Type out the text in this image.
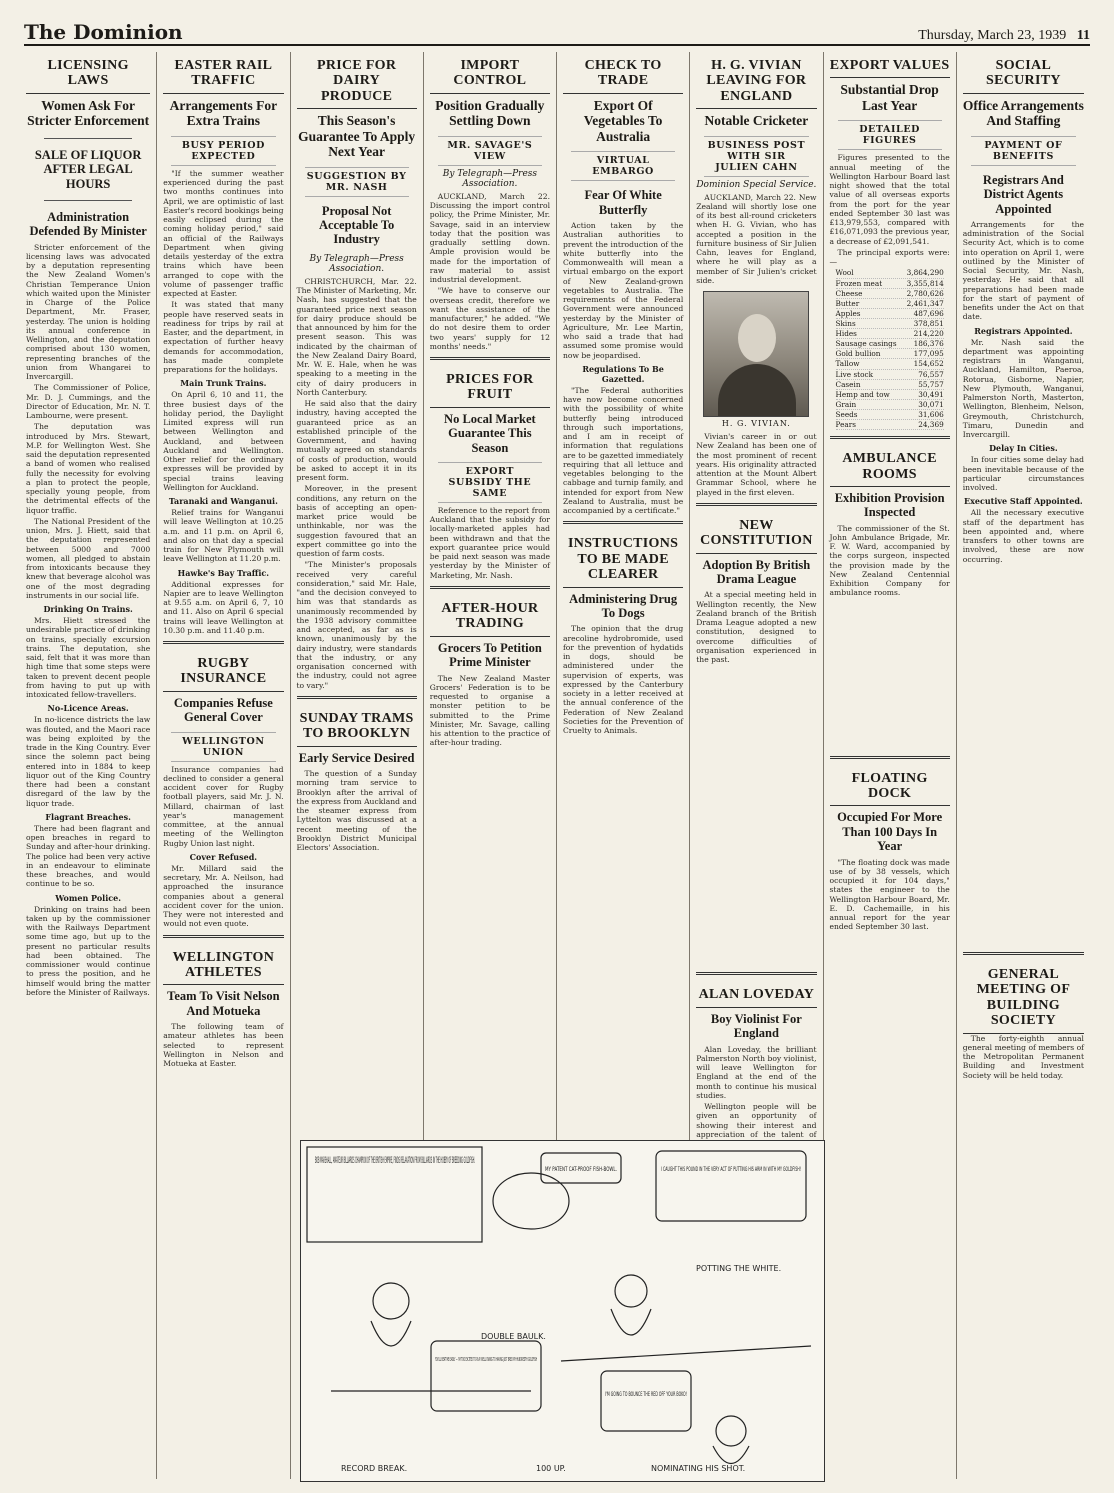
The Dominion	Thursday, March 23, 1939 11
LICENSING LAWS
Women Ask For Stricter Enforcement
SALE OF LIQUOR AFTER LEGAL HOURS
Administration Defended By Minister

Stricter enforcement of the licensing laws was advocated by a deputation representing the New Zealand Women's Christian Temperance Union which waited upon the Minister in Charge of the Police Department, Mr. Fraser, yesterday. The union is holding its annual conference in Wellington, and the deputation comprised about 130 women, representing branches of the union from Whangarei to Invercargill.

The Commissioner of Police, Mr. D. J. Cummings, and the Director of Education, Mr. N. T. Lambourne, were present.

The deputation was introduced by Mrs. Stewart, M.P. for Wellington West. She said the deputation represented a band of women who realised fully the necessity for evolving a plan to protect the people, specially young people, from the detrimental effects of the liquor traffic.

The National President of the union, Mrs. J. Hiett, said that the deputation represented between 5000 and 7000 women, all pledged to abstain from intoxicants because they knew that beverage alcohol was one of the most degrading instruments in our social life.

Drinking On Trains.

Mrs. Hiett stressed the undesirable practice of drinking on trains, specially excursion trains. The deputation, she said, felt that it was more than high time that some steps were taken to prevent decent people from having to put up with intoxicated fellow-travellers.

No-Licence Areas.

In no-licence districts the law was flouted, and the Maori race was being exploited by the trade in the King Country. Ever since the solemn pact being entered into in 1884 to keep liquor out of the King Country there had been a constant disregard of the law by the liquor trade.

Flagrant Breaches.

There had been flagrant and open breaches in regard to Sunday and after-hour drinking. The police had been very active in an endeavour to eliminate these breaches, and would continue to be so.

Women Police.

Drinking on trains had been taken up by the commissioner with the Railways Department some time ago, but up to the present no particular results had been obtained. The commissioner would continue to press the position, and he himself would bring the matter before the Minister of Railways.

EASTER RAIL TRAFFIC
Arrangements For Extra Trains
BUSY PERIOD EXPECTED

"If the summer weather experienced during the past two months continues into April, we are optimistic of last Easter's record bookings being easily eclipsed during the coming holiday period," said an official of the Railways Department when giving details yesterday of the extra trains which have been arranged to cope with the volume of passenger traffic expected at Easter.

It was stated that many people have reserved seats in readiness for trips by rail at Easter, and the department, in expectation of further heavy demands for accommodation, has made complete preparations for the holidays.

Main Trunk Trains.

On April 6, 10 and 11, the three busiest days of the holiday period, the Daylight Limited express will run between Wellington and Auckland, and between Auckland and Wellington. Other relief for the ordinary expresses will be provided by special trains leaving Wellington for Auckland.

Taranaki and Wanganui.

Relief trains for Wanganui will leave Wellington at 10.25 a.m. and 11 p.m. on April 6, and also on that day a special train for New Plymouth will leave Wellington at 11.20 p.m.

Hawke's Bay Traffic.

Additional expresses for Napier are to leave Wellington at 9.55 a.m. on April 6, 7, 10 and 11. Also on April 6 special trains will leave Wellington at 10.30 p.m. and 11.40 p.m.

RUGBY INSURANCE
Companies Refuse General Cover
WELLINGTON UNION

Insurance companies had declined to consider a general accident cover for Rugby football players, said Mr. J. N. Millard, chairman of last year's management committee, at the annual meeting of the Wellington Rugby Union last night.

Cover Refused.

Mr. Millard said the secretary, Mr. A. Neilson, had approached the insurance companies about a general accident cover for the union. They were not interested and would not even quote.

WELLINGTON ATHLETES
Team To Visit Nelson And Motueka

The following team of amateur athletes has been selected to represent Wellington in Nelson and Motueka at Easter.

PRICE FOR DAIRY PRODUCE
This Season's Guarantee To Apply Next Year
SUGGESTION BY MR. NASH
Proposal Not Acceptable To Industry
By Telegraph—Press Association.

CHRISTCHURCH, Mar. 22. The Minister of Marketing, Mr. Nash, has suggested that the guaranteed price next season for dairy produce should be that announced by him for the present season. This was indicated by the chairman of the New Zealand Dairy Board, Mr. W. E. Hale, when he was speaking to a meeting in the city of dairy producers in North Canterbury.

He said also that the dairy industry, having accepted the guaranteed price as an established principle of the Government, and having mutually agreed on standards of costs of production, would be asked to accept it in its present form.

Moreover, in the present conditions, any return on the basis of accepting an open-market price would be unthinkable, nor was the suggestion favoured that an expert committee go into the question of farm costs.

"The Minister's proposals received very careful consideration," said Mr. Hale, "and the decision conveyed to him was that standards as unanimously recommended by the 1938 advisory committee and accepted, as far as is known, unanimously by the dairy industry, were standards that the industry, or any organisation concerned with the industry, could not agree to vary."

SUNDAY TRAMS TO BROOKLYN
Early Service Desired

The question of a Sunday morning tram service to Brooklyn after the arrival of the express from Auckland and the steamer express from Lyttelton was discussed at a recent meeting of the Brooklyn District Municipal Electors' Association.

IMPORT CONTROL
Position Gradually Settling Down
MR. SAVAGE'S VIEW
By Telegraph—Press Association.

AUCKLAND, March 22. Discussing the import control policy, the Prime Minister, Mr. Savage, said in an interview today that the position was gradually settling down. Ample provision would be made for the importation of raw material to assist industrial development.

"We have to conserve our overseas credit, therefore we want the assistance of the manufacturer," he added. "We do not desire them to order two years' supply for 12 months' needs."

PRICES FOR FRUIT
No Local Market Guarantee This Season
EXPORT SUBSIDY THE SAME

Reference to the report from Auckland that the subsidy for locally-marketed apples had been withdrawn and that the export guarantee price would be paid next season was made yesterday by the Minister of Marketing, Mr. Nash.

AFTER-HOUR TRADING
Grocers To Petition Prime Minister

The New Zealand Master Grocers' Federation is to be requested to organise a monster petition to be submitted to the Prime Minister, Mr. Savage, calling his attention to the practice of after-hour trading.

CHECK TO TRADE
Export Of Vegetables To Australia
VIRTUAL EMBARGO
Fear Of White Butterfly

Action taken by the Australian authorities to prevent the introduction of the white butterfly into the Commonwealth will mean a virtual embargo on the export of New Zealand-grown vegetables to Australia. The requirements of the Federal Government were announced yesterday by the Minister of Agriculture, Mr. Lee Martin, who said a trade that had assumed some promise would now be jeopardised.

Regulations To Be Gazetted.

"The Federal authorities have now become concerned with the possibility of white butterfly being introduced through such importations, and I am in receipt of information that regulations are to be gazetted immediately requiring that all lettuce and vegetables belonging to the cabbage and turnip family, and intended for export from New Zealand to Australia, must be accompanied by a certificate."

INSTRUCTIONS TO BE MADE CLEARER
Administering Drug To Dogs

The opinion that the drug arecoline hydrobromide, used for the prevention of hydatids in dogs, should be administered under the supervision of experts, was expressed by the Canterbury society in a letter received at the annual conference of the Federation of New Zealand Societies for the Prevention of Cruelty to Animals.

H. G. VIVIAN LEAVING FOR ENGLAND
Notable Cricketer
BUSINESS POST WITH SIR JULIEN CAHN
Dominion Special Service.

AUCKLAND, March 22. New Zealand will shortly lose one of its best all-round cricketers when H. G. Vivian, who has accepted a position in the furniture business of Sir Julien Cahn, leaves for England, where he will play as a member of Sir Julien's cricket side.

H. G. VIVIAN.

Vivian's career in or out New Zealand has been one of the most prominent of recent years. His originality attracted attention at the Mount Albert Grammar School, where he played in the first eleven.

NEW CONSTITUTION
Adoption By British Drama League

At a special meeting held in Wellington recently, the New Zealand branch of the British Drama League adopted a new constitution, designed to overcome difficulties of organisation experienced in the past.

ALAN LOVEDAY
Boy Violinist For England

Alan Loveday, the brilliant Palmerston North boy violinist, will leave Wellington for England at the end of the month to continue his musical studies.

Wellington people will be given an opportunity of showing their interest and appreciation of the talent of

EXPORT VALUES
Substantial Drop Last Year
DETAILED FIGURES

Figures presented to the annual meeting of the Wellington Harbour Board last night showed that the total value of all overseas exports from the port for the year ended September 30 last was £13,979,553, compared with £16,071,093 the previous year, a decrease of £2,091,541.

The principal exports were:—

Wool	3,864,290
Frozen meat	3,355,814
Cheese	2,780,626
Butter	2,461,347
Apples	487,696
Skins	378,851
Hides	214,220
Sausage casings 186,376
Gold bullion	177,095
Tallow	154,652
Live stock	76,557
Casein	55,757
Hemp and tow	30,491
Grain	30,071
Seeds	31,606
Pears	24,369
AMBULANCE ROOMS
Exhibition Provision Inspected

The commissioner of the St. John Ambulance Brigade, Mr. F. W. Ward, accompanied by the corps surgeon, inspected the provision made by the New Zealand Centennial Exhibition Company for ambulance rooms.

FLOATING DOCK
Occupied For More Than 100 Days In Year

"The floating dock was made use of by 38 vessels, which occupied it for 104 days," states the engineer to the Wellington Harbour Board, Mr. E. D. Cachemaille, in his annual report for the year ended September 30 last.

SOCIAL SECURITY
Office Arrangements And Staffing
PAYMENT OF BENEFITS
Registrars And District Agents Appointed

Arrangements for the administration of the Social Security Act, which is to come into operation on April 1, were outlined by the Minister of Social Security, Mr. Nash, yesterday. He said that all preparations had been made for the start of payment of benefits under the Act on that date.

Registrars Appointed.

Mr. Nash said the department was appointing registrars in Wanganui, Auckland, Hamilton, Paeroa, Rotorua, Gisborne, Napier, New Plymouth, Wanganui, Palmerston North, Masterton, Wellington, Blenheim, Nelson, Greymouth, Christchurch, Timaru, Dunedin and Invercargill.

Delay In Cities.

In four cities some delay had been inevitable because of the particular circumstances involved.

Executive Staff Appointed.

All the necessary executive staff of the department has been appointed and, where transfers to other towns are involved, these are now occurring.

GENERAL MEETING OF BUILDING SOCIETY

The forty-eighth annual general meeting of members of the Metropolitan Permanent Building and Investment Society will be held today.

BOB MARSHALL, AMATEUR BILLIARDS CHAMPION OF THE BRITISH EMPIRE, FINDS RELAXATION FROM BILLIARDS IN THE HOBBY OF BREEDING GOLDFISH.
MY PATENT CAT-PROOF FISH-BOWL.	I CAUGHT THIS POUND IN THE VERY ACT OF PUTTING HIS ARM IN WITH MY GOLDFISH!
YOU'LL BEAT ME EASILY — I'M TOO EXCITED TO PLAY WELL OWING TO HAVING JUST BRED MY HUNDREDTH GOLDFISH
I'M GOING TO BOUNCE THE RED OFF YOUR BOKO!
DOUBLE BAULK.
POTTING THE WHITE.
RECORD BREAK.	100 UP.	NOMINATING HIS SHOT.
